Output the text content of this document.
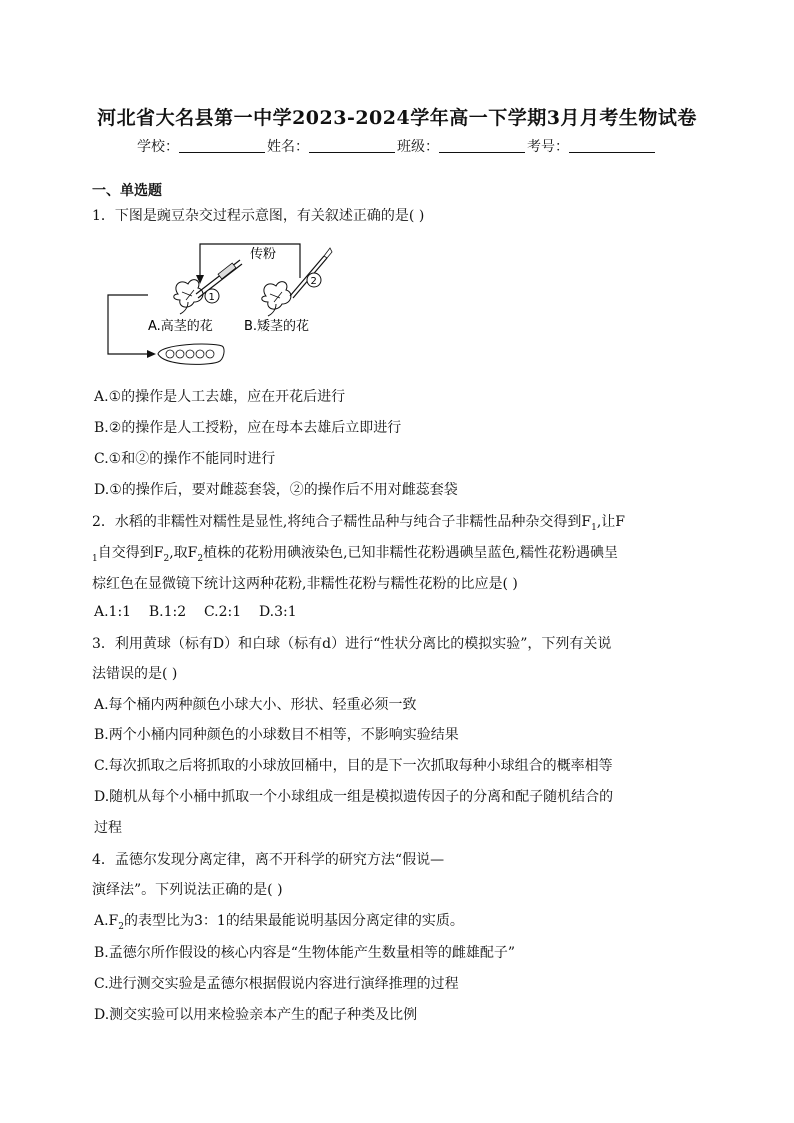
河北省大名县第一中学2023-2024学年高一下学期3月月考生物试卷
学校：	姓名：	班级：	考号：
一、单选题
1．下图是豌豆杂交过程示意图，有关叙述正确的是( )
传粉
1
2
A.高茎的花 B.矮茎的花
A.①的操作是人工去雄，应在开花后进行
B.②的操作是人工授粉，应在母本去雄后立即进行
C.①和②的操作不能同时进行
D.①的操作后，要对雌蕊套袋，②的操作后不用对雌蕊套袋
2．水稻的非糯性对糯性是显性,将纯合子糯性品种与纯合子非糯性品种杂交得到$F_1$,让F
$_1$自交得到$F_2$,取$F_2$植株的花粉用碘液染色,已知非糯性花粉遇碘呈蓝色,糯性花粉遇碘呈
棕红色在显微镜下统计这两种花粉,非糯性花粉与糯性花粉的比应是( )
A.1:1    B.1:2    C.2:1    D.3:1
3．利用黄球（标有D）和白球（标有d）进行“性状分离比的模拟实验”，下列有关说
法错误的是( )
A.每个桶内两种颜色小球大小、形状、轻重必须一致
B.两个小桶内同种颜色的小球数目不相等，不影响实验结果
C.每次抓取之后将抓取的小球放回桶中，目的是下一次抓取每种小球组合的概率相等
D.随机从每个小桶中抓取一个小球组成一组是模拟遗传因子的分离和配子随机结合的
过程
4．孟德尔发现分离定律，离不开科学的研究方法“假说—
演绎法”。下列说法正确的是( )
$A.F_2$的表型比为3：1的结果最能说明基因分离定律的实质。
B.孟德尔所作假设的核心内容是“生物体能产生数量相等的雌雄配子”
C.进行测交实验是孟德尔根据假说内容进行演绎推理的过程
D.测交实验可以用来检验亲本产生的配子种类及比例
